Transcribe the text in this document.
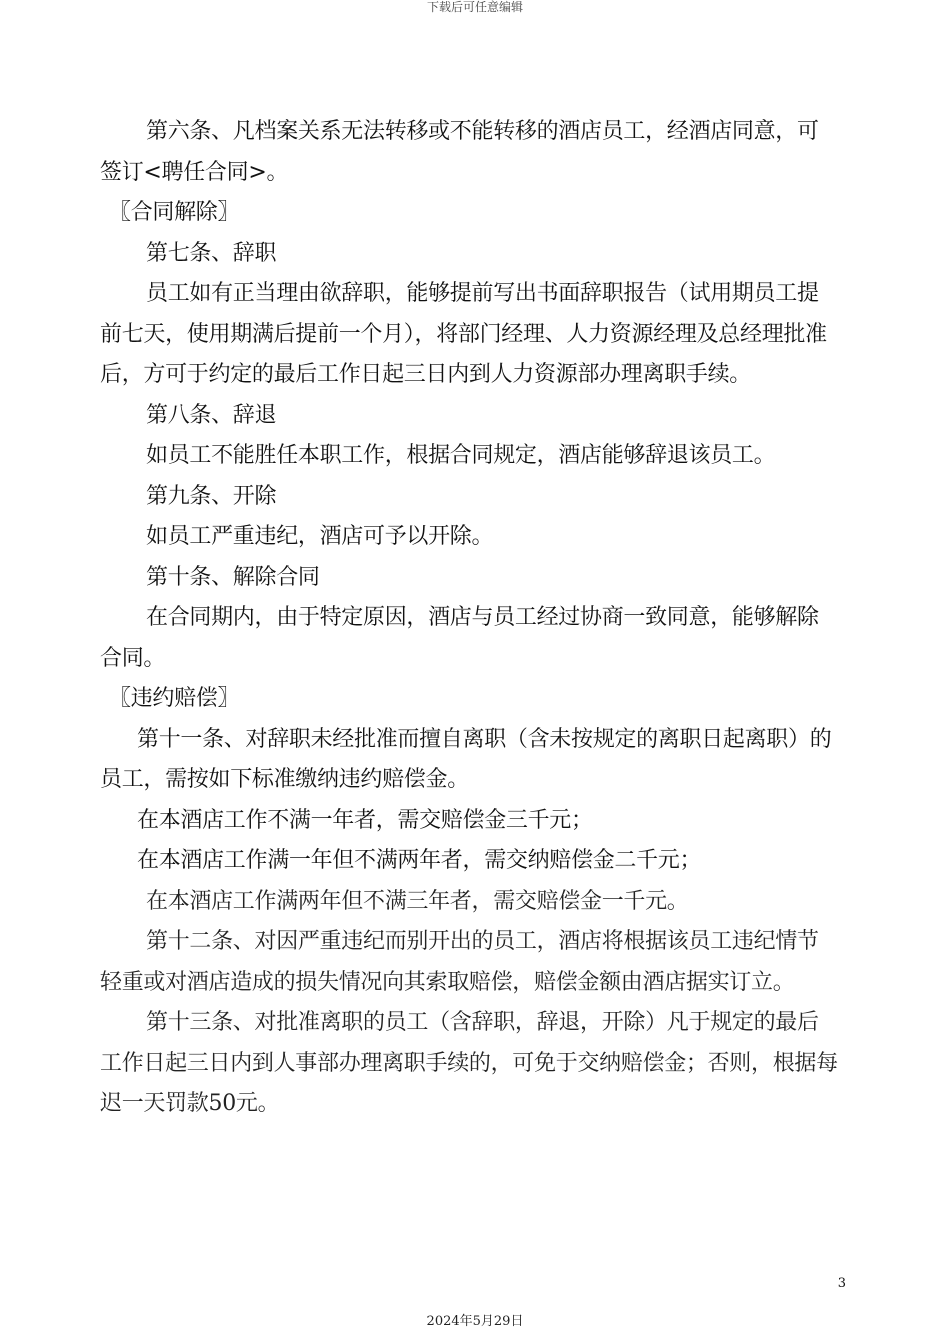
下载后可任意编辑

第六条、凡档案关系无法转移或不能转移的酒店员工，经酒店同意，可签订<聘任合同>。

〖合同解除〗

第七条、辞职

员工如有正当理由欲辞职，能够提前写出书面辞职报告（试用期员工提前七天，使用期满后提前一个月），将部门经理、人力资源经理及总经理批准后，方可于约定的最后工作日起三日内到人力资源部办理离职手续。

第八条、辞退

如员工不能胜任本职工作，根据合同规定，酒店能够辞退该员工。

第九条、开除

如员工严重违纪，酒店可予以开除。

第十条、解除合同

在合同期内，由于特定原因，酒店与员工经过协商一致同意，能够解除合同。

〖违约赔偿〗

第十一条、对辞职未经批准而擅自离职（含未按规定的离职日起离职）的员工，需按如下标准缴纳违约赔偿金。

在本酒店工作不满一年者，需交赔偿金三千元；

在本酒店工作满一年但不满两年者，需交纳赔偿金二千元；

在本酒店工作满两年但不满三年者，需交赔偿金一千元。

第十二条、对因严重违纪而别开出的员工，酒店将根据该员工违纪情节轻重或对酒店造成的损失情况向其索取赔偿，赔偿金额由酒店据实订立。

第十三条、对批准离职的员工（含辞职，辞退，开除）凡于规定的最后工作日起三日内到人事部办理离职手续的，可免于交纳赔偿金；否则，根据每迟一天罚款50元。

3
2024年5月29日
